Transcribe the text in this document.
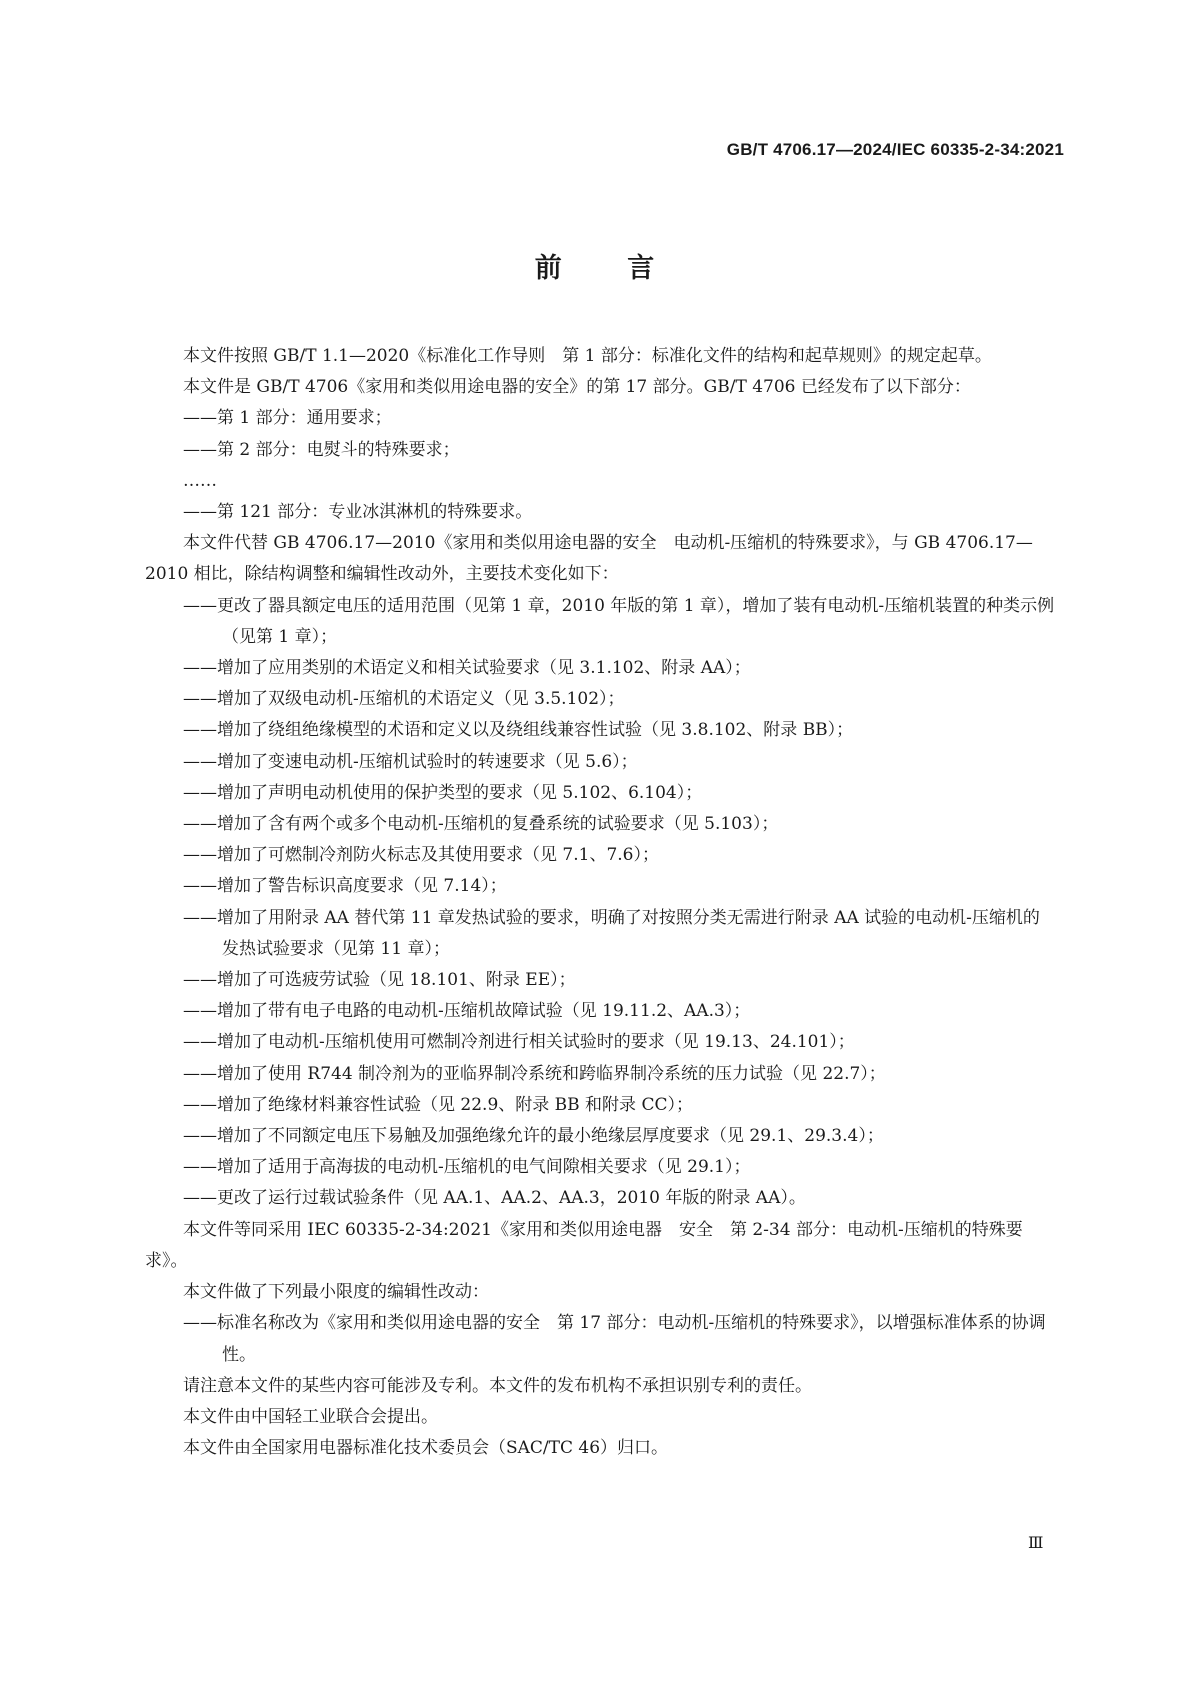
GB/T 4706.17—2024/IEC 60335-2-34:2021
前 言

本文件按照 GB/T 1.1—2020《标准化工作导则　第 1 部分：标准化文件的结构和起草规则》的规定起草。

本文件是 GB/T 4706《家用和类似用途电器的安全》的第 17 部分。GB/T 4706 已经发布了以下部分：

——第 1 部分：通用要求；

——第 2 部分：电熨斗的特殊要求；

……

——第 121 部分：专业冰淇淋机的特殊要求。

本文件代替 GB 4706.17—2010《家用和类似用途电器的安全　电动机-压缩机的特殊要求》，与 GB 4706.17—2010 相比，除结构调整和编辑性改动外，主要技术变化如下：

——更改了器具额定电压的适用范围（见第 1 章，2010 年版的第 1 章），增加了装有电动机-压缩机装置的种类示例（见第 1 章）；

——增加了应用类别的术语定义和相关试验要求（见 3.1.102、附录 AA）；

——增加了双级电动机-压缩机的术语定义（见 3.5.102）；

——增加了绕组绝缘模型的术语和定义以及绕组线兼容性试验（见 3.8.102、附录 BB）；

——增加了变速电动机-压缩机试验时的转速要求（见 5.6）；

——增加了声明电动机使用的保护类型的要求（见 5.102、6.104）；

——增加了含有两个或多个电动机-压缩机的复叠系统的试验要求（见 5.103）；

——增加了可燃制冷剂防火标志及其使用要求（见 7.1、7.6）；

——增加了警告标识高度要求（见 7.14）；

——增加了用附录 AA 替代第 11 章发热试验的要求，明确了对按照分类无需进行附录 AA 试验的电动机-压缩机的发热试验要求（见第 11 章）；

——增加了可选疲劳试验（见 18.101、附录 EE）；

——增加了带有电子电路的电动机-压缩机故障试验（见 19.11.2、AA.3）；

——增加了电动机-压缩机使用可燃制冷剂进行相关试验时的要求（见 19.13、24.101）；

——增加了使用 R744 制冷剂为的亚临界制冷系统和跨临界制冷系统的压力试验（见 22.7）；

——增加了绝缘材料兼容性试验（见 22.9、附录 BB 和附录 CC）；

——增加了不同额定电压下易触及加强绝缘允许的最小绝缘层厚度要求（见 29.1、29.3.4）；

——增加了适用于高海拔的电动机-压缩机的电气间隙相关要求（见 29.1）；

——更改了运行过载试验条件（见 AA.1、AA.2、AA.3，2010 年版的附录 AA）。

本文件等同采用 IEC 60335-2-34:2021《家用和类似用途电器　安全　第 2-34 部分：电动机-压缩机的特殊要求》。

本文件做了下列最小限度的编辑性改动：

——标准名称改为《家用和类似用途电器的安全　第 17 部分：电动机-压缩机的特殊要求》，以增强标准体系的协调性。

请注意本文件的某些内容可能涉及专利。本文件的发布机构不承担识别专利的责任。

本文件由中国轻工业联合会提出。

本文件由全国家用电器标准化技术委员会（SAC/TC 46）归口。

Ⅲ
